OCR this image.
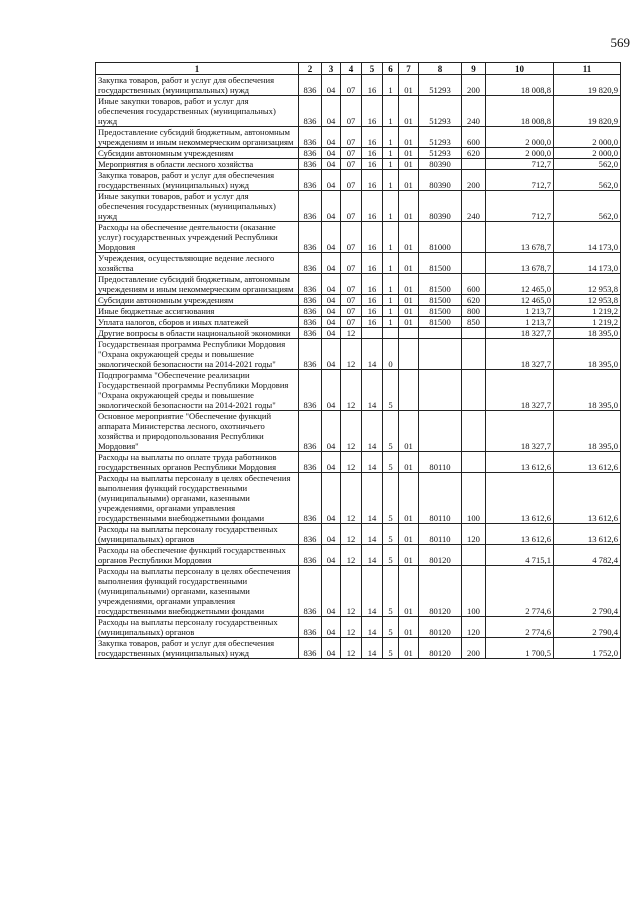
569
1	2	3	4	5	6	7	8	9	10	11
Закупка товаров, работ и услуг для обеспечения государственных (муниципальных) нужд	836	04	07	16	1	01	51293	200	18 008,8	19 820,9
Иные закупки товаров, работ и услуг для обеспечения государственных (муниципальных) нужд	836	04	07	16	1	01	51293	240	18 008,8	19 820,9
Предоставление субсидий бюджетным, автономным учреждениям и иным некоммерческим организациям	836	04	07	16	1	01	51293	600	2 000,0	2 000,0
Субсидии автономным учреждениям	836	04	07	16	1	01	51293	620	2 000,0	2 000,0
Мероприятия в области лесного хозяйства	836	04	07	16	1	01	80390		712,7	562,0
Закупка товаров, работ и услуг для обеспечения государственных (муниципальных) нужд	836	04	07	16	1	01	80390	200	712,7	562,0
Иные закупки товаров, работ и услуг для обеспечения государственных (муниципальных) нужд	836	04	07	16	1	01	80390	240	712,7	562,0
Расходы на обеспечение деятельности (оказание услуг) государственных учреждений Республики Мордовия	836	04	07	16	1	01	81000		13 678,7	14 173,0
Учреждения, осуществляющие ведение лесного хозяйства	836	04	07	16	1	01	81500		13 678,7	14 173,0
Предоставление субсидий бюджетным, автономным учреждениям и иным некоммерческим организациям	836	04	07	16	1	01	81500	600	12 465,0	12 953,8
Субсидии автономным учреждениям	836	04	07	16	1	01	81500	620	12 465,0	12 953,8
Иные бюджетные ассигнования	836	04	07	16	1	01	81500	800	1 213,7	1 219,2
Уплата налогов, сборов и иных платежей	836	04	07	16	1	01	81500	850	1 213,7	1 219,2
Другие вопросы в области национальной экономики	836	04	12						18 327,7	18 395,0
Государственная программа Республики Мордовия "Охрана окружающей среды и повышение экологической безопасности на 2014-2021 годы"	836	04	12	14	0				18 327,7	18 395,0
Подпрограмма "Обеспечение реализации Государственной программы Республики Мордовия "Охрана окружающей среды и повышение экологической безопасности на 2014-2021 годы"	836	04	12	14	5				18 327,7	18 395,0
Основное мероприятие "Обеспечение функций аппарата Министерства лесного, охотничьего хозяйства и природопользования Республики Мордовия"	836	04	12	14	5	01			18 327,7	18 395,0
Расходы на выплаты по оплате труда работников государственных органов Республики Мордовия	836	04	12	14	5	01	80110		13 612,6	13 612,6
Расходы на выплаты персоналу в целях обеспечения выполнения функций государственными (муниципальными) органами, казенными учреждениями, органами управления государственными внебюджетными фондами	836	04	12	14	5	01	80110	100	13 612,6	13 612,6
Расходы на выплаты персоналу государственных (муниципальных) органов	836	04	12	14	5	01	80110	120	13 612,6	13 612,6
Расходы на обеспечение функций государственных органов Республики Мордовия	836	04	12	14	5	01	80120		4 715,1	4 782,4
Расходы на выплаты персоналу в целях обеспечения выполнения функций государственными (муниципальными) органами, казенными учреждениями, органами управления государственными внебюджетными фондами	836	04	12	14	5	01	80120	100	2 774,6	2 790,4
Расходы на выплаты персоналу государственных (муниципальных) органов	836	04	12	14	5	01	80120	120	2 774,6	2 790,4
Закупка товаров, работ и услуг для обеспечения государственных (муниципальных) нужд	836	04	12	14	5	01	80120	200	1 700,5	1 752,0
